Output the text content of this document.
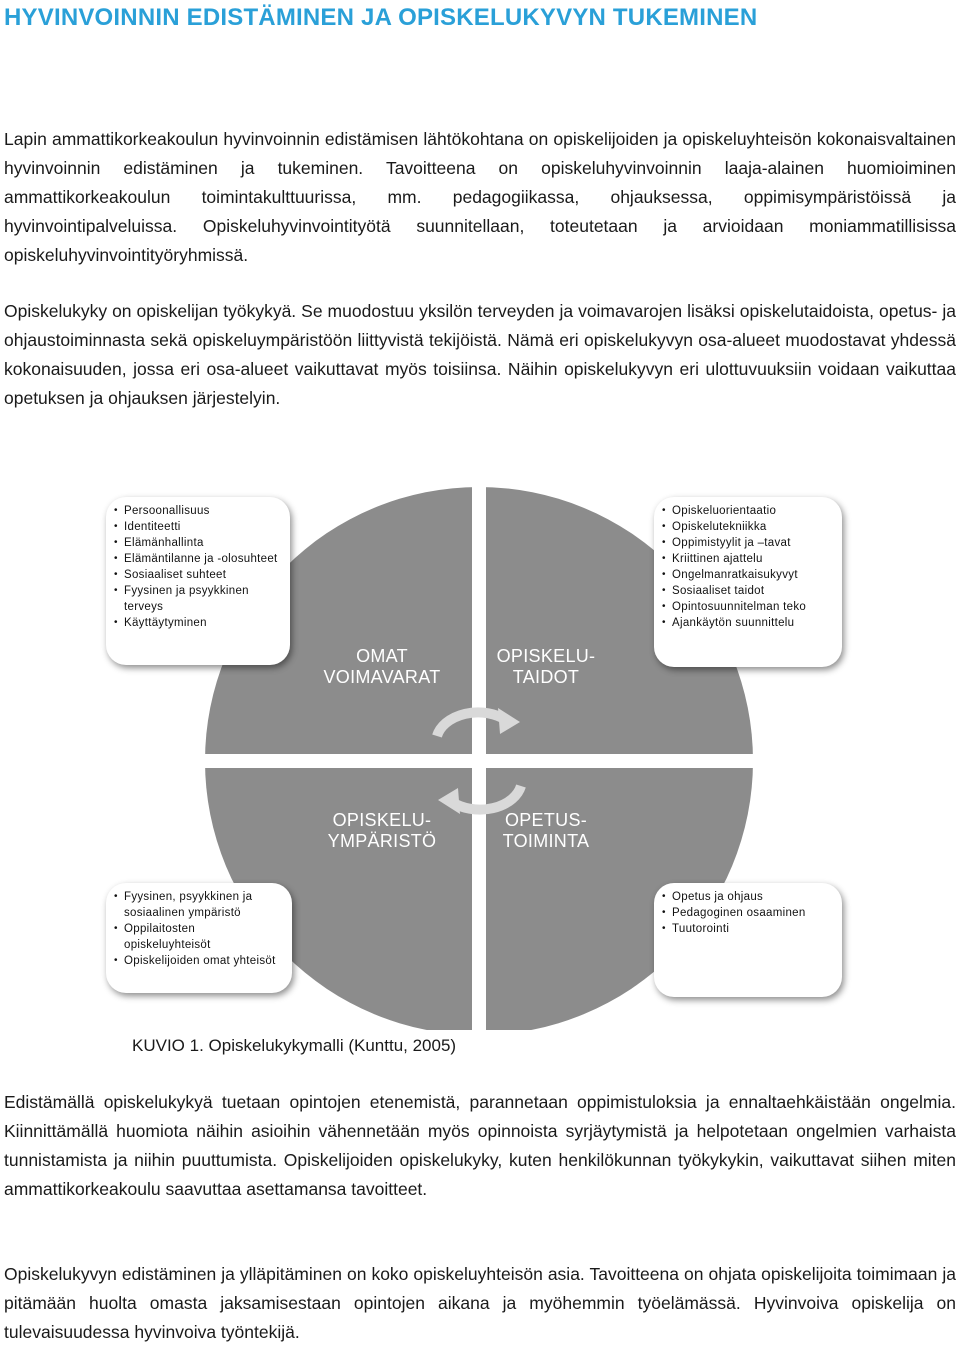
HYVINVOINNIN EDISTÄMINEN JA OPISKELUKYVYN TUKEMINEN

Lapin ammattikorkeakoulun hyvinvoinnin edistämisen lähtökohtana on opiskelijoiden ja opiskeluyhteisön kokonaisvaltainen hyvinvoinnin edistäminen ja tukeminen. Tavoitteena on opiskeluhyvinvoinnin laaja-alainen huomioiminen ammattikorkeakoulun toimintakulttuurissa, mm. pedagogiikassa, ohjauksessa, oppimisympäristöissä ja hyvinvointipalveluissa. Opiskeluhyvinvointityötä suunnitellaan, toteutetaan ja arvioidaan moniammatillisissa opiskeluhyvinvointityöryhmissä.

Opiskelukyky on opiskelijan työkykyä. Se muodostuu yksilön terveyden ja voimavarojen lisäksi opiskelutaidoista, opetus- ja ohjaustoiminnasta sekä opiskeluympäristöön liittyvistä tekijöistä. Nämä eri opiskelukyvyn osa-alueet muodostavat yhdessä kokonaisuuden, jossa eri osa-alueet vaikuttavat myös toisiinsa. Näihin opiskelukyvyn eri ulottuvuuksiin voidaan vaikuttaa opetuksen ja ohjauksen järjestelyin.

OMAT
VOIMAVARAT
OPISKELU-
TAIDOT
OPISKELU-
YMPÄRISTÖ
OPETUS-
TOIMINTA
• Persoonallisuus
• Identiteetti
• Elämänhallinta
• Elämäntilanne ja -olosuhteet
• Sosiaaliset suhteet
• Fyysinen ja psyykkinen terveys
• Käyttäytyminen
• Opiskeluorientaatio
• Opiskelutekniikka
• Oppimistyylit ja –tavat
• Kriittinen ajattelu
• Ongelmanratkaisukyvyt
• Sosiaaliset taidot
• Opintosuunnitelman teko
• Ajankäytön suunnittelu
• Fyysinen, psyykkinen ja sosiaalinen ympäristö
• Oppilaitosten opiskeluyhteisöt
• Opiskelijoiden omat yhteisöt
• Opetus ja ohjaus
• Pedagoginen osaaminen
• Tuutorointi
KUVIO 1. Opiskelukykymalli (Kunttu, 2005)

Edistämällä opiskelukykyä tuetaan opintojen etenemistä, parannetaan oppimistuloksia ja ennaltaehkäistään ongelmia. Kiinnittämällä huomiota näihin asioihin vähennetään myös opinnoista syrjäytymistä ja helpotetaan ongelmien varhaista tunnistamista ja niihin puuttumista. Opiskelijoiden opiskelukyky, kuten henkilökunnan työkykykin, vaikuttavat siihen miten ammattikorkeakoulu saavuttaa asettamansa tavoitteet.

Opiskelukyvyn edistäminen ja ylläpitäminen on koko opiskeluyhteisön asia. Tavoitteena on ohjata opiskelijoita toimimaan ja pitämään huolta omasta jaksamisestaan opintojen aikana ja myöhemmin työelämässä. Hyvinvoiva opiskelija on tulevaisuudessa hyvinvoiva työntekijä.
